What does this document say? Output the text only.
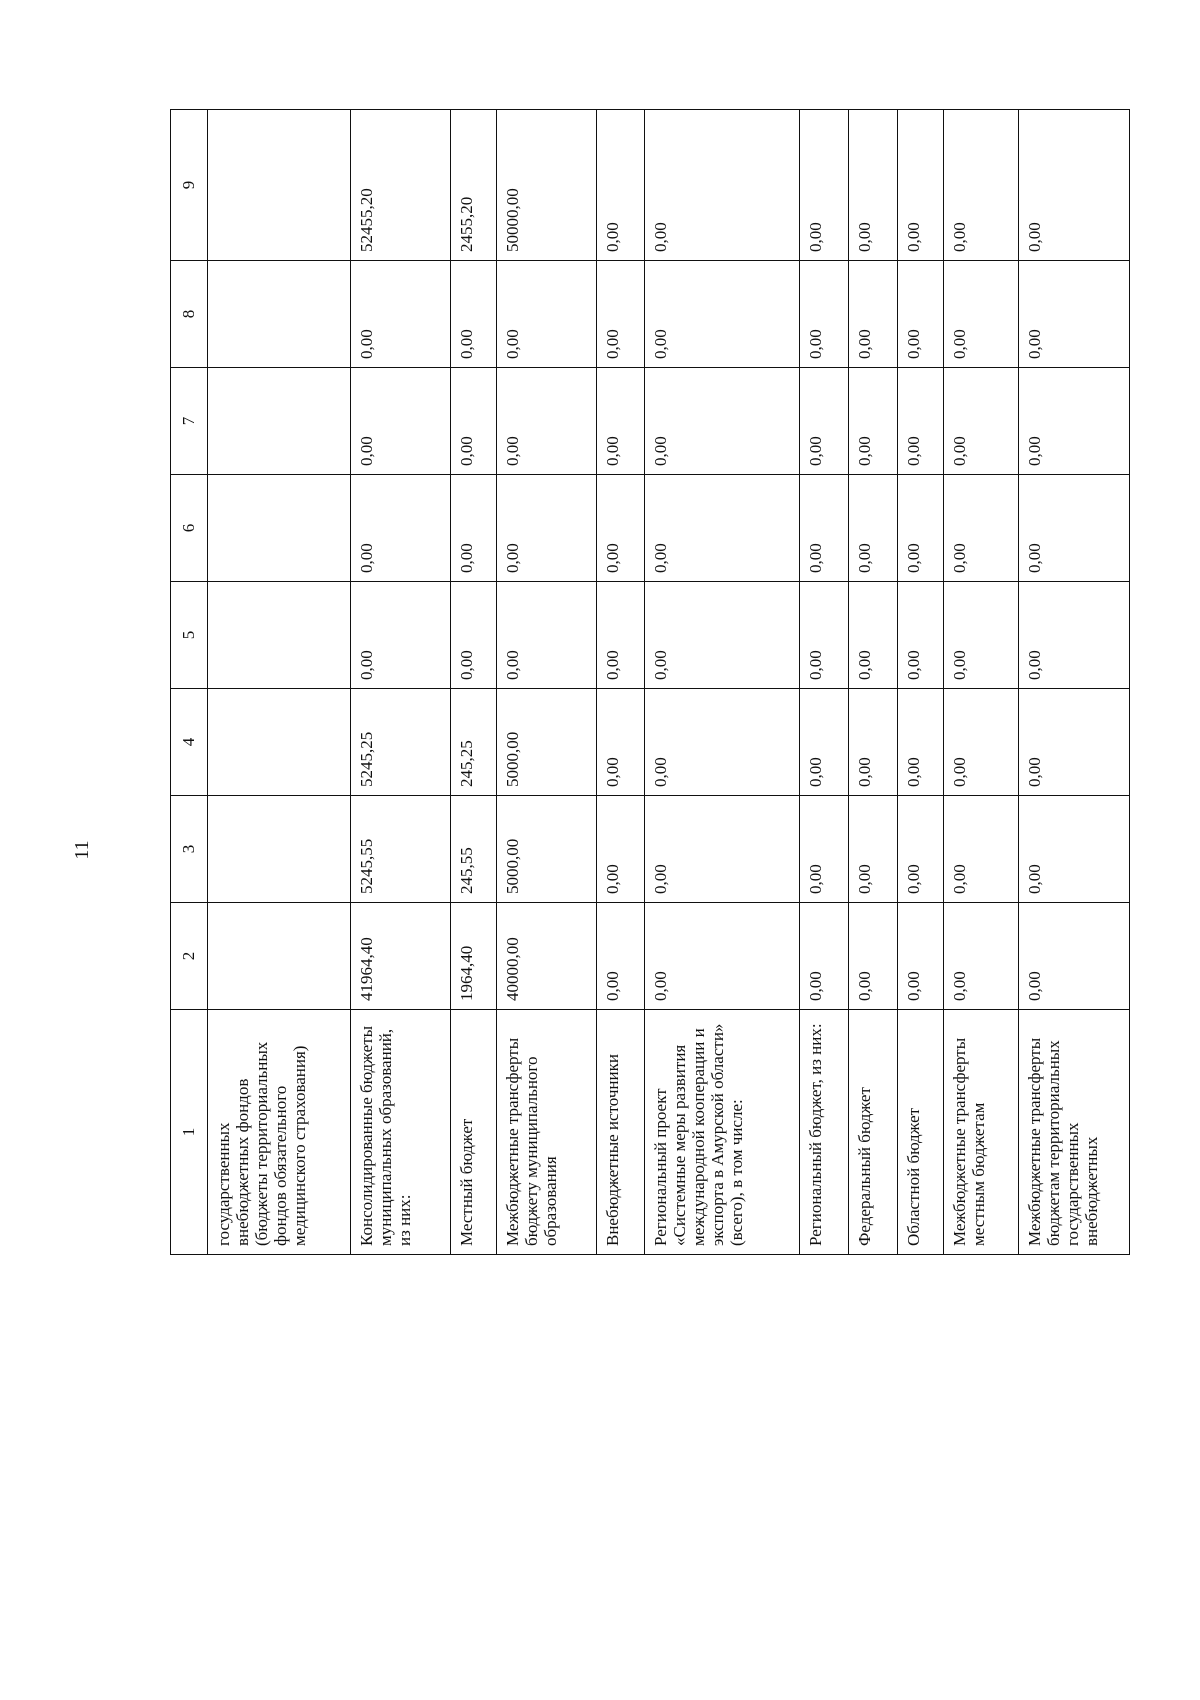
11
1	2	3	4	5	6	7	8	9
государственных внебюджетных фондов (бюджеты территориальных фондов обязательного медицинского страхования)								
Консолидированные бюджеты муниципальных образований, из них:	41964,40	5245,55	5245,25	0,00	0,00	0,00	0,00	52455,20
Местный бюджет	1964,40	245,55	245,25	0,00	0,00	0,00	0,00	2455,20
Межбюджетные трансферты бюджету муниципального образования	40000,00	5000,00	5000,00	0,00	0,00	0,00	0,00	50000,00
Внебюджетные источники	0,00	0,00	0,00	0,00	0,00	0,00	0,00	0,00
Региональный проект «Системные меры развития международной кооперации и экспорта в Амурской области» (всего), в том числе:	0,00	0,00	0,00	0,00	0,00	0,00	0,00	0,00
Региональный бюджет, из них:	0,00	0,00	0,00	0,00	0,00	0,00	0,00	0,00
Федеральный бюджет	0,00	0,00	0,00	0,00	0,00	0,00	0,00	0,00
Областной бюджет	0,00	0,00	0,00	0,00	0,00	0,00	0,00	0,00
Межбюджетные трансферты местным бюджетам	0,00	0,00	0,00	0,00	0,00	0,00	0,00	0,00
Межбюджетные трансферты бюджетам территориальных государственных внебюджетных	0,00	0,00	0,00	0,00	0,00	0,00	0,00	0,00
